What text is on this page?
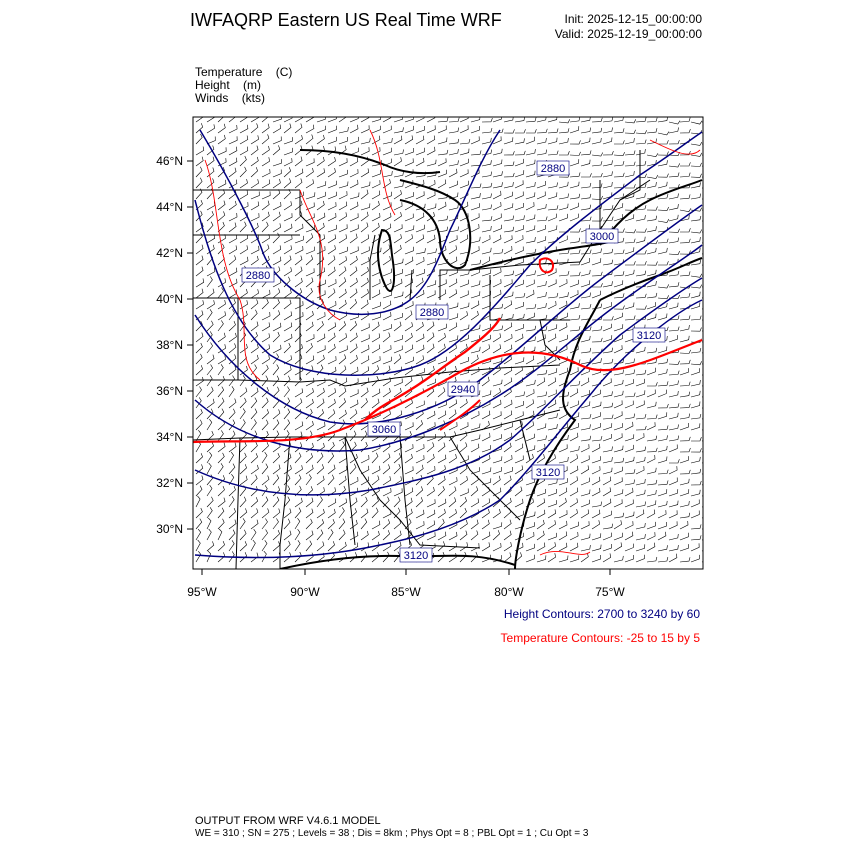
IWFAQRP Eastern US Real Time WRF	Init: 2025-12-15_00:00:00
Valid: 2025-12-19_00:00:00
Temperature (C)
Height (m)
Winds (kts)
46°N
44°N
42°N
40°N
38°N
36°N
34°N
32°N
30°N
95°W	90°W	85°W	80°W	75°W
2880
2880
2880
2940
3000
3060
3120
3120
3120
Height Contours: 2700 to 3240 by 60
Temperature Contours: -25 to 15 by 5
OUTPUT FROM WRF V4.6.1 MODEL
WE = 310 ; SN = 275 ; Levels = 38 ; Dis = 8km ; Phys Opt = 8 ; PBL Opt = 1 ; Cu Opt = 3
